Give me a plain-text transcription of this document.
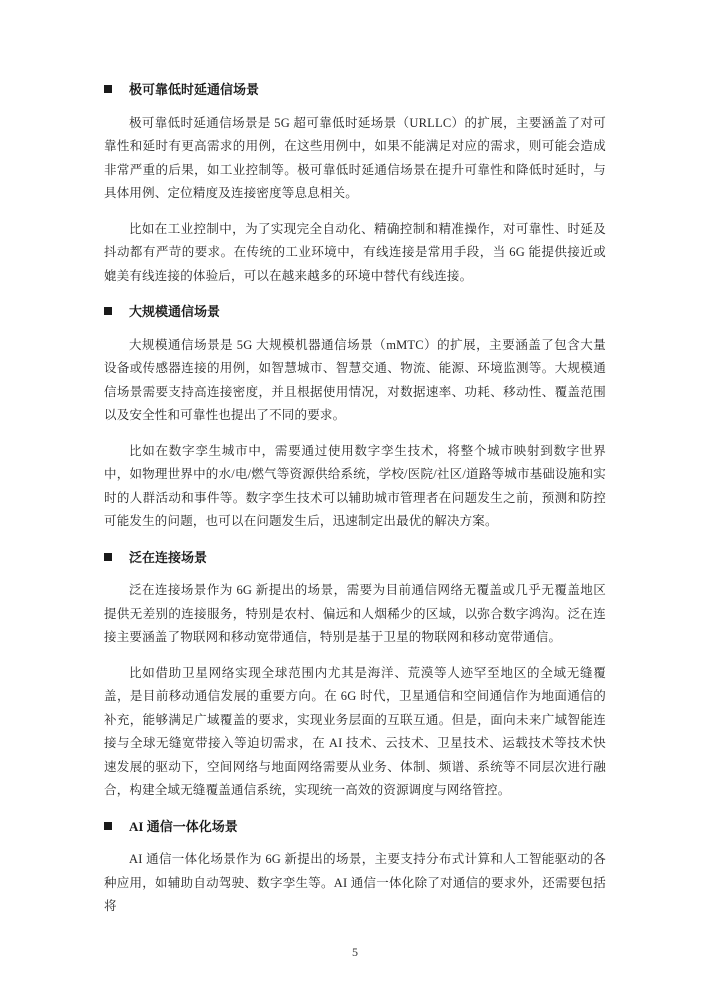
极可靠低时延通信场景

极可靠低时延通信场景是 5G 超可靠低时延场景（URLLC）的扩展，主要涵盖了对可靠性和延时有更高需求的用例，在这些用例中，如果不能满足对应的需求，则可能会造成非常严重的后果，如工业控制等。极可靠低时延通信场景在提升可靠性和降低时延时，与具体用例、定位精度及连接密度等息息相关。

比如在工业控制中，为了实现完全自动化、精确控制和精准操作，对可靠性、时延及抖动都有严苛的要求。在传统的工业环境中，有线连接是常用手段，当 6G 能提供接近或媲美有线连接的体验后，可以在越来越多的环境中替代有线连接。

大规模通信场景

大规模通信场景是 5G 大规模机器通信场景（mMTC）的扩展，主要涵盖了包含大量设备或传感器连接的用例，如智慧城市、智慧交通、物流、能源、环境监测等。大规模通信场景需要支持高连接密度，并且根据使用情况，对数据速率、功耗、移动性、覆盖范围以及安全性和可靠性也提出了不同的要求。

比如在数字孪生城市中，需要通过使用数字孪生技术，将整个城市映射到数字世界中，如物理世界中的水/电/燃气等资源供给系统，学校/医院/社区/道路等城市基础设施和实时的人群活动和事件等。数字孪生技术可以辅助城市管理者在问题发生之前，预测和防控可能发生的问题，也可以在问题发生后，迅速制定出最优的解决方案。

泛在连接场景

泛在连接场景作为 6G 新提出的场景，需要为目前通信网络无覆盖或几乎无覆盖地区提供无差别的连接服务，特别是农村、偏远和人烟稀少的区域，以弥合数字鸿沟。泛在连接主要涵盖了物联网和移动宽带通信，特别是基于卫星的物联网和移动宽带通信。

比如借助卫星网络实现全球范围内尤其是海洋、荒漠等人迹罕至地区的全域无缝覆盖，是目前移动通信发展的重要方向。在 6G 时代，卫星通信和空间通信作为地面通信的补充，能够满足广域覆盖的要求，实现业务层面的互联互通。但是，面向未来广域智能连接与全球无缝宽带接入等迫切需求，在 AI 技术、云技术、卫星技术、运载技术等技术快速发展的驱动下，空间网络与地面网络需要从业务、体制、频谱、系统等不同层次进行融合，构建全域无缝覆盖通信系统，实现统一高效的资源调度与网络管控。

AI 通信一体化场景

AI 通信一体化场景作为 6G 新提出的场景，主要支持分布式计算和人工智能驱动的各种应用，如辅助自动驾驶、数字孪生等。AI 通信一体化除了对通信的要求外，还需要包括将

5
